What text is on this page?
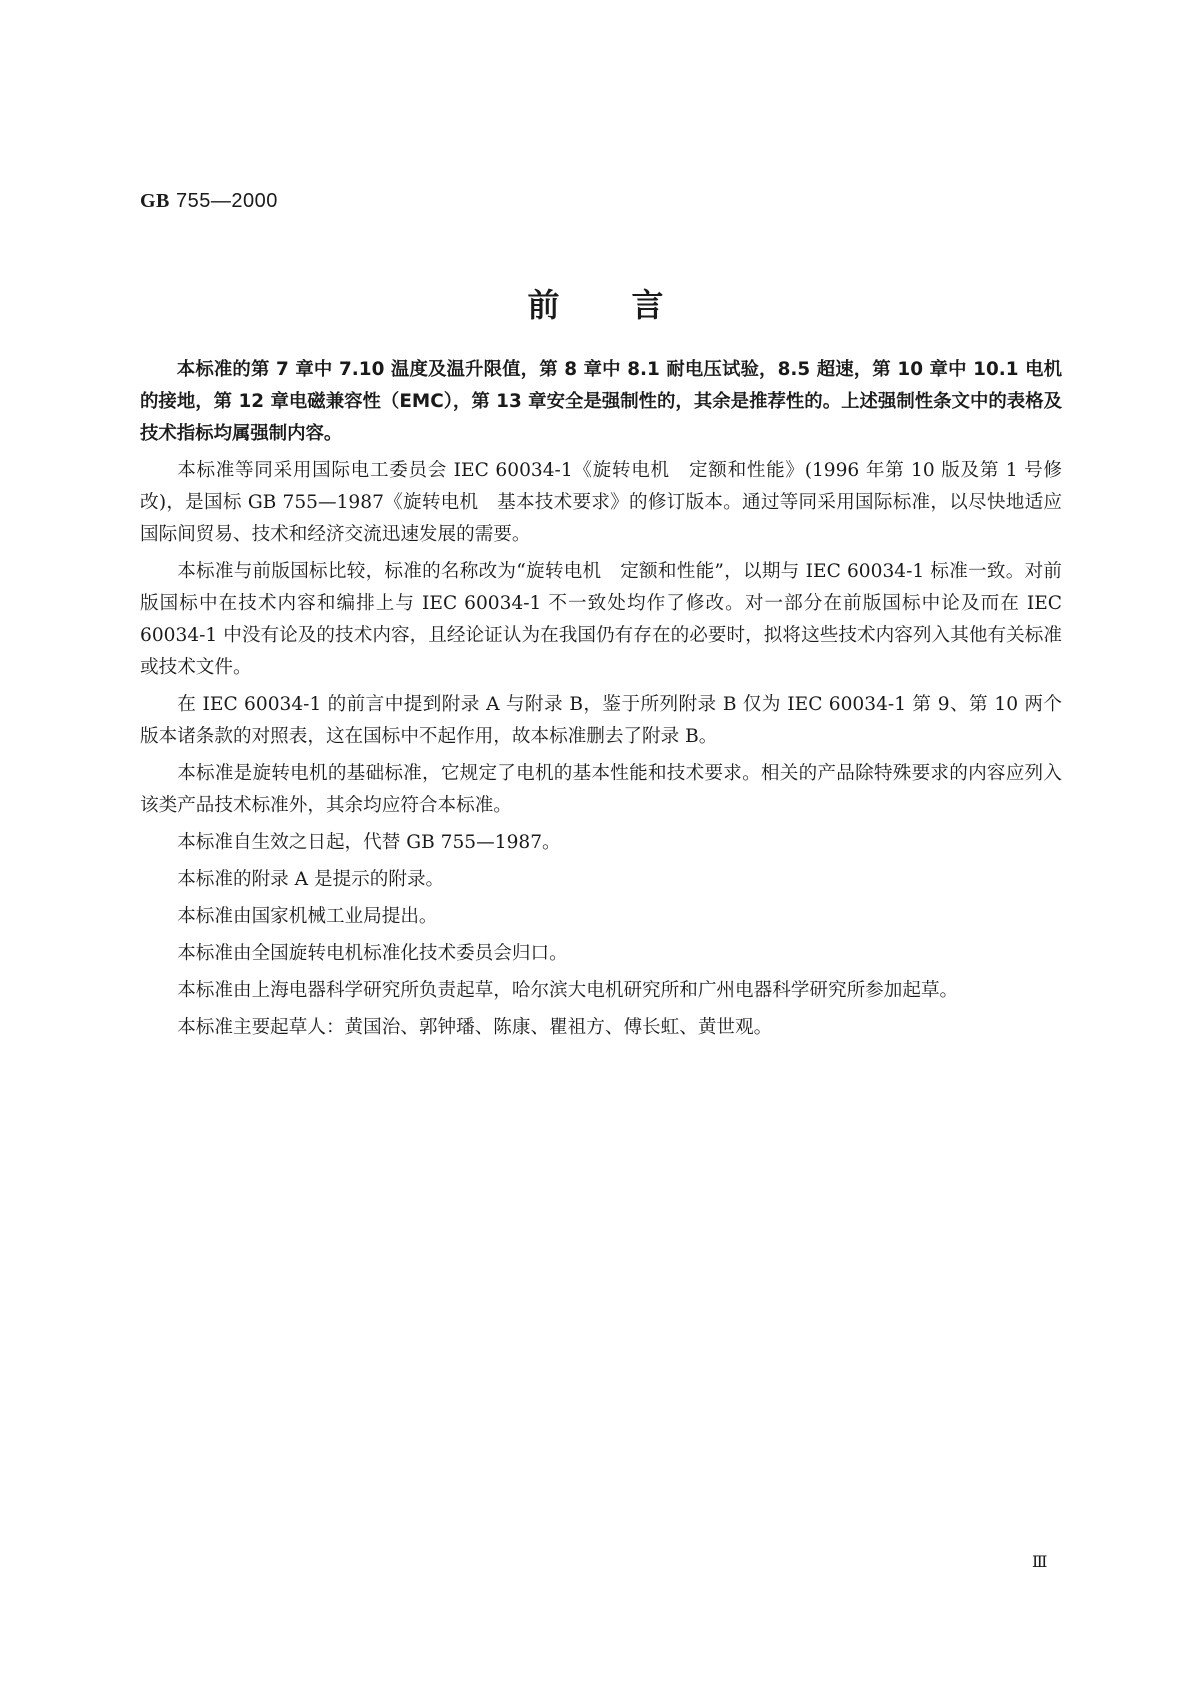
GB 755—2000
前言

本标准的第 7 章中 7.10 温度及温升限值，第 8 章中 8.1 耐电压试验，8.5 超速，第 10 章中 10.1 电机的接地，第 12 章电磁兼容性（EMC），第 13 章安全是强制性的，其余是推荐性的。上述强制性条文中的表格及技术指标均属强制内容。

本标准等同采用国际电工委员会 IEC 60034-1《旋转电机　定额和性能》(1996 年第 10 版及第 1 号修改)，是国标 GB 755—1987《旋转电机　基本技术要求》的修订版本。通过等同采用国际标准，以尽快地适应国际间贸易、技术和经济交流迅速发展的需要。

本标准与前版国标比较，标准的名称改为“旋转电机　定额和性能”，以期与 IEC 60034-1 标准一致。对前版国标中在技术内容和编排上与 IEC 60034-1 不一致处均作了修改。对一部分在前版国标中论及而在 IEC 60034-1 中没有论及的技术内容，且经论证认为在我国仍有存在的必要时，拟将这些技术内容列入其他有关标准或技术文件。

在 IEC 60034-1 的前言中提到附录 A 与附录 B，鉴于所列附录 B 仅为 IEC 60034-1 第 9、第 10 两个版本诸条款的对照表，这在国标中不起作用，故本标准删去了附录 B。

本标准是旋转电机的基础标准，它规定了电机的基本性能和技术要求。相关的产品除特殊要求的内容应列入该类产品技术标准外，其余均应符合本标准。

本标准自生效之日起，代替 GB 755—1987。

本标准的附录 A 是提示的附录。

本标准由国家机械工业局提出。

本标准由全国旋转电机标准化技术委员会归口。

本标准由上海电器科学研究所负责起草，哈尔滨大电机研究所和广州电器科学研究所参加起草。

本标准主要起草人：黄国治、郭钟璠、陈康、瞿祖方、傅长虹、黄世观。

Ⅲ
